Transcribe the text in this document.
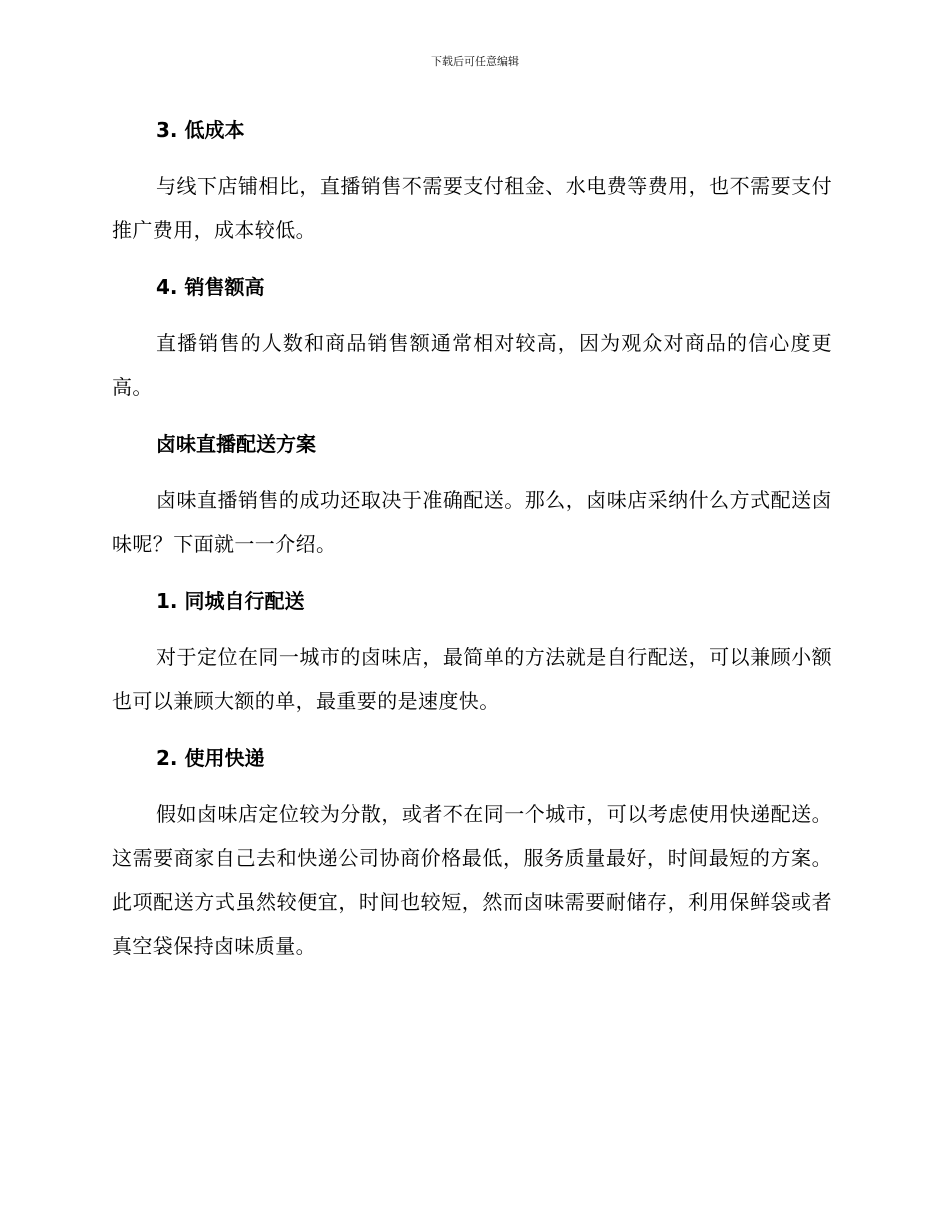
下载后可任意编辑
3. 低成本

与线下店铺相比，直播销售不需要支付租金、水电费等费用，也不需要支付推广费用，成本较低。

4. 销售额高

直播销售的人数和商品销售额通常相对较高，因为观众对商品的信心度更高。

卤味直播配送方案

卤味直播销售的成功还取决于准确配送。那么，卤味店采纳什么方式配送卤味呢？下面就一一介绍。

1. 同城自行配送

对于定位在同一城市的卤味店，最简单的方法就是自行配送，可以兼顾小额也可以兼顾大额的单，最重要的是速度快。

2. 使用快递

假如卤味店定位较为分散，或者不在同一个城市，可以考虑使用快递配送。这需要商家自己去和快递公司协商价格最低，服务质量最好，时间最短的方案。此项配送方式虽然较便宜，时间也较短，然而卤味需要耐储存，利用保鲜袋或者真空袋保持卤味质量。
